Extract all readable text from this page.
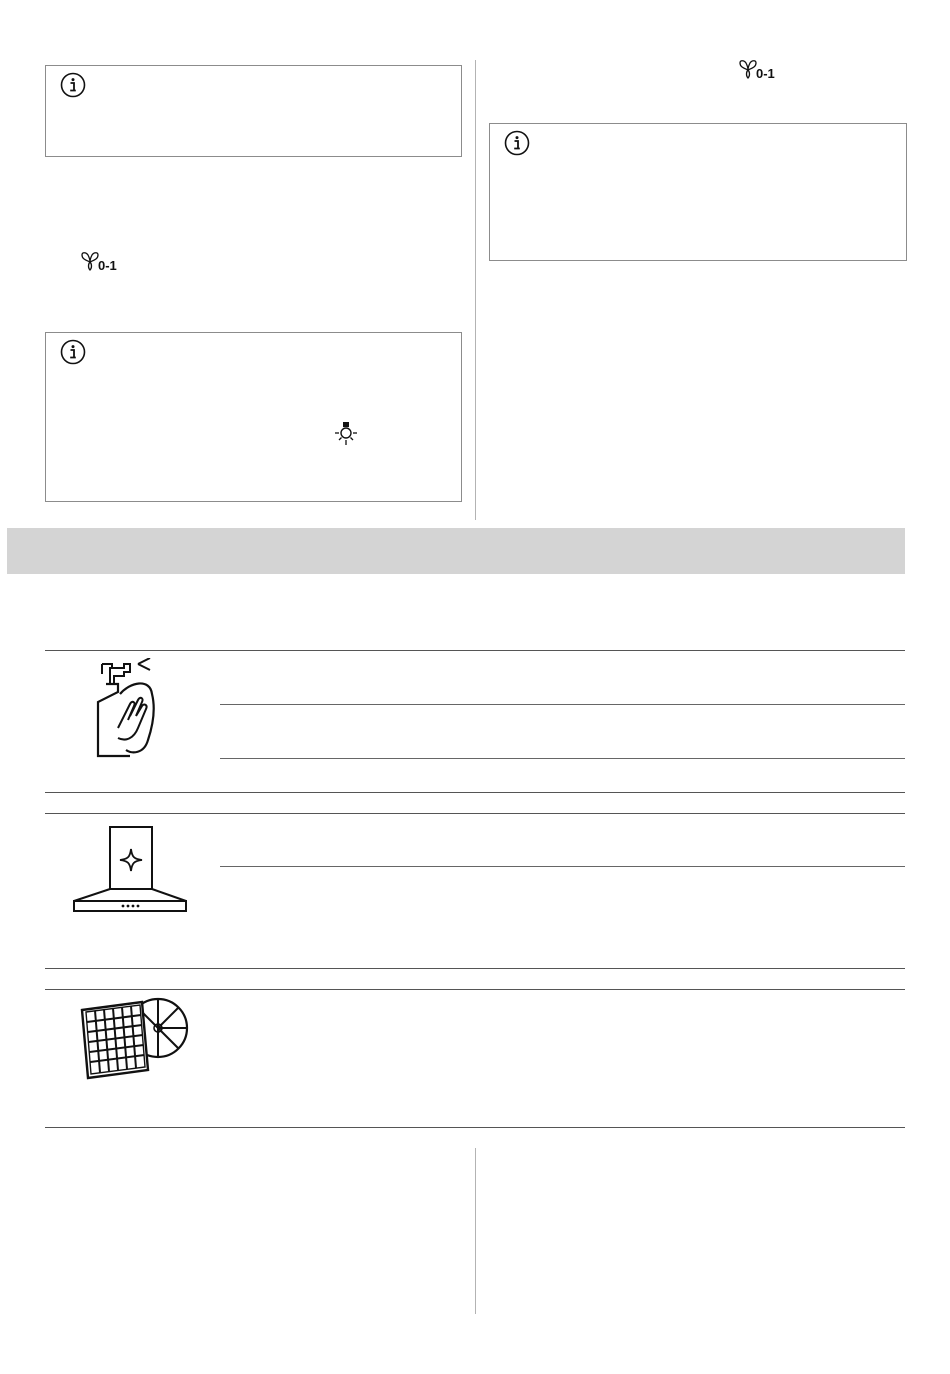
0-1
0-1
